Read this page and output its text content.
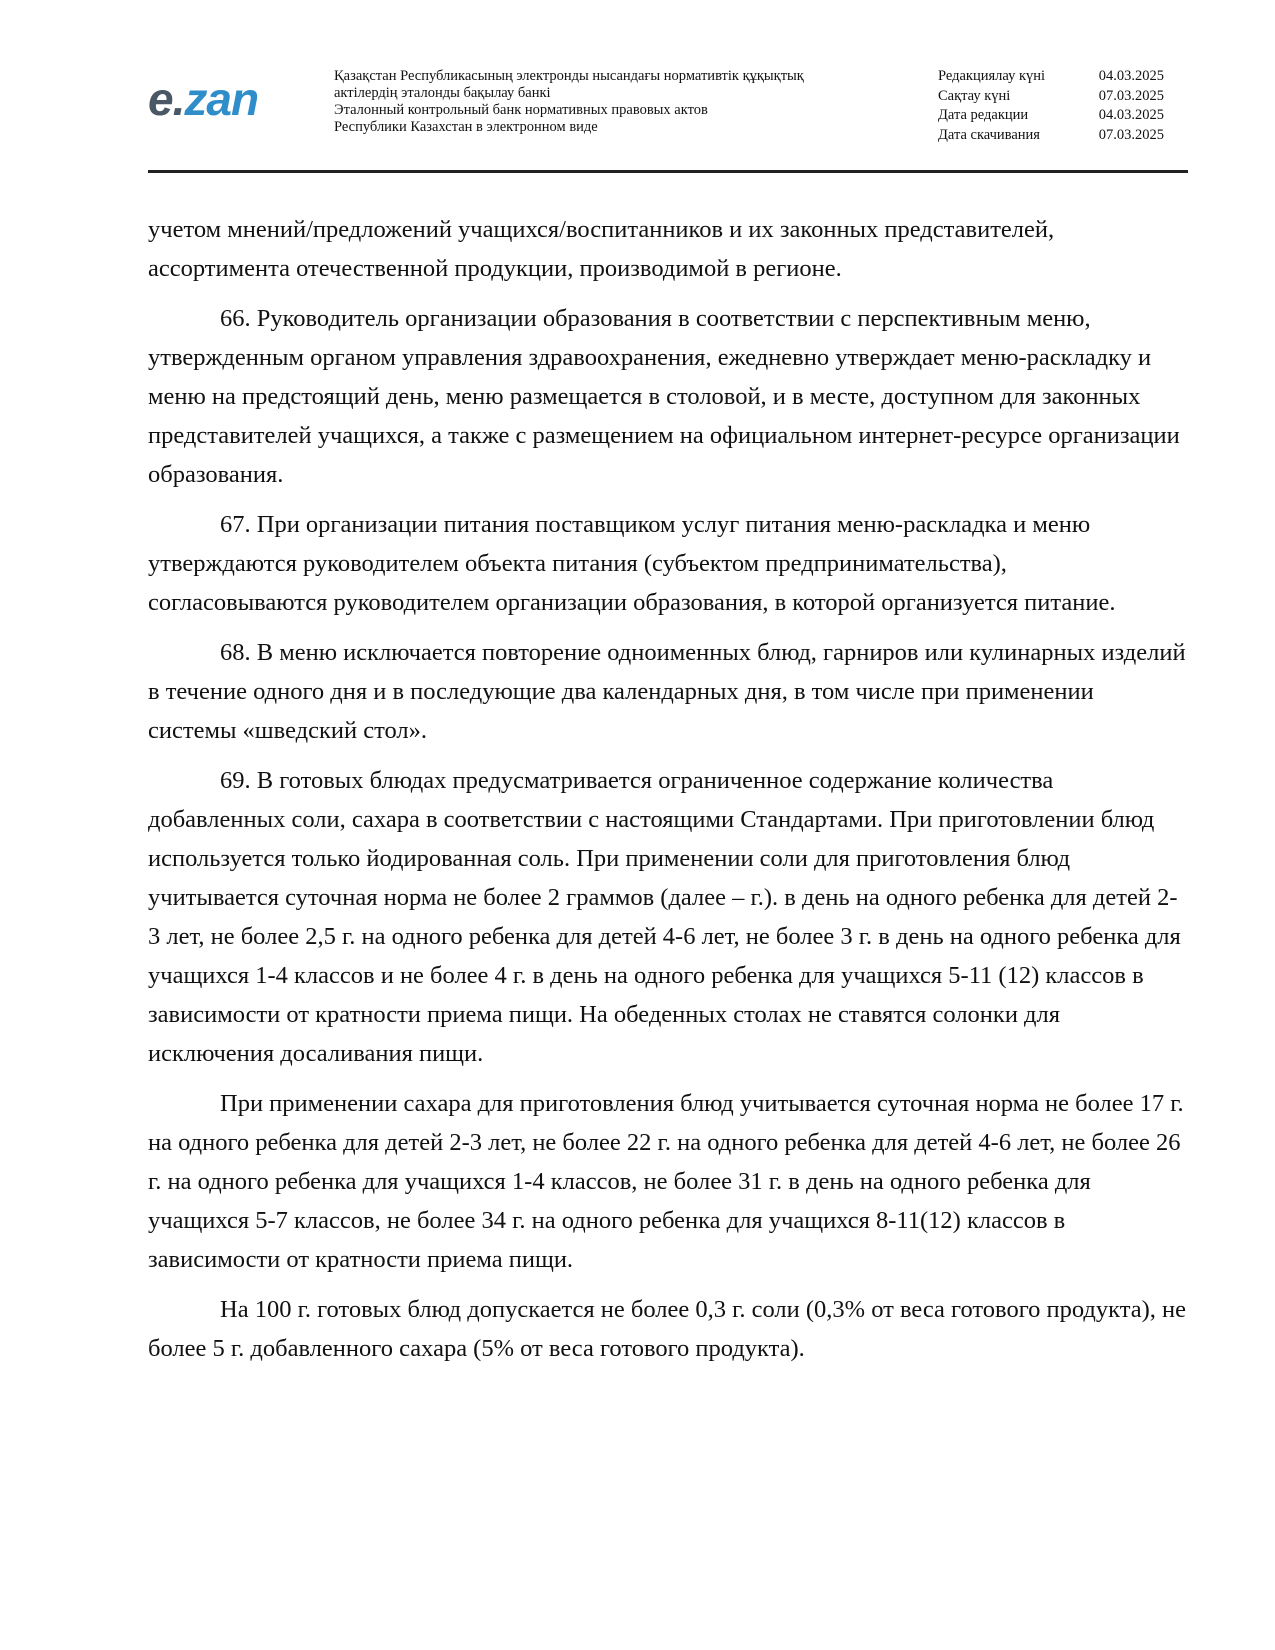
e.zan	Қазақстан Республикасының электронды нысандағы нормативтік құқықтық
актілердің эталонды бақылау банкі
Эталонный контрольный банк нормативных правовых актов
Республики Казахстан в электронном виде
Редакциялау күні	04.03.2025
Сақтау күні	07.03.2025
Дата редакции	04.03.2025
Дата скачивания	07.03.2025

учетом мнений/предложений учащихся/воспитанников и их законных представителей, ассортимента отечественной продукции, производимой в регионе.

66. Руководитель организации образования в соответствии с перспективным меню, утвержденным органом управления здравоохранения, ежедневно утверждает меню-раскладку и меню на предстоящий день, меню размещается в столовой, и в месте, доступном для законных представителей учащихся, а также с размещением на официальном интернет-ресурсе организации образования.

67. При организации питания поставщиком услуг питания меню-раскладка и меню утверждаются руководителем объекта питания (субъектом предпринимательства), согласовываются руководителем организации образования, в которой организуется питание.

68. В меню исключается повторение одноименных блюд, гарниров или кулинарных изделий в течение одного дня и в последующие два календарных дня, в том числе при применении системы «шведский стол».

69. В готовых блюдах предусматривается ограниченное содержание количества добавленных соли, сахара в соответствии с настоящими Стандартами. При приготовлении блюд используется только йодированная соль. При применении соли для приготовления блюд учитывается суточная норма не более 2 граммов (далее – г.). в день на одного ребенка для детей 2-3 лет, не более 2,5 г. на одного ребенка для детей 4-6 лет, не более 3 г. в день на одного ребенка для учащихся 1-4 классов и не более 4 г. в день на одного ребенка для учащихся 5-11 (12) классов в зависимости от кратности приема пищи. На обеденных столах не ставятся солонки для исключения досаливания пищи.

При применении сахара для приготовления блюд учитывается суточная норма не более 17 г. на одного ребенка для детей 2-3 лет, не более 22 г. на одного ребенка для детей 4-6 лет, не более 26 г. на одного ребенка для учащихся 1-4 классов, не более 31 г. в день на одного ребенка для учащихся 5-7 классов, не более 34 г. на одного ребенка для учащихся 8-11(12) классов в зависимости от кратности приема пищи.

На 100 г. готовых блюд допускается не более 0,3 г. соли (0,3% от веса готового продукта), не более 5 г. добавленного сахара (5% от веса готового продукта).
